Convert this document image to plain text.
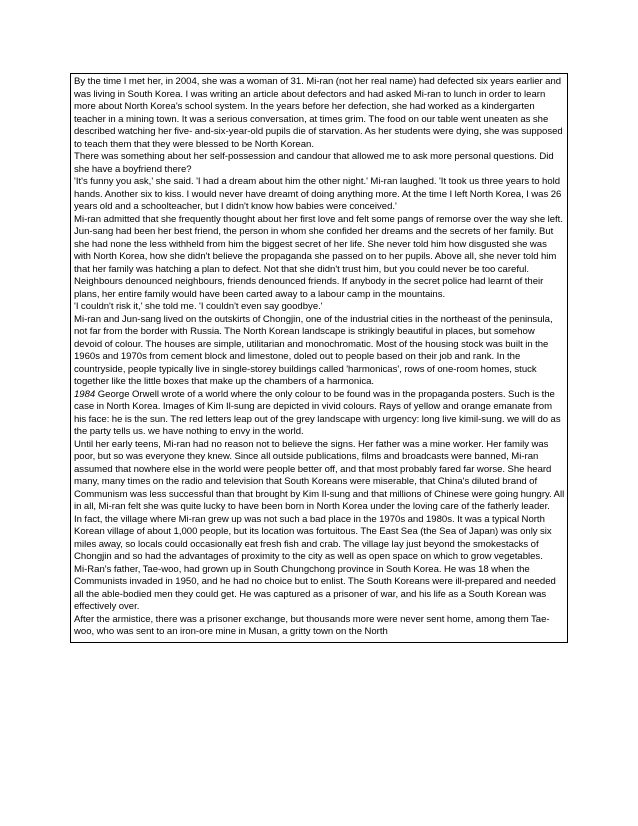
By the time I met her, in 2004, she was a woman of 31. Mi-ran (not her real name) had defected six years earlier and was living in South Korea. I was writing an article about defectors and had asked Mi-ran to lunch in order to learn more about North Korea's school system. In the years before her defection, she had worked as a kindergarten teacher in a mining town. It was a serious conversation, at times grim. The food on our table went uneaten as she described watching her five- and-six-year-old pupils die of starvation. As her students were dying, she was supposed to teach them that they were blessed to be North Korean.

There was something about her self-possession and candour that allowed me to ask more personal questions. Did she have a boyfriend there?

'It's funny you ask,' she said. 'I had a dream about him the other night.' Mi-ran laughed. 'It took us three years to hold hands. Another six to kiss. I would never have dreamt of doing anything more. At the time I left North Korea, I was 26 years old and a schoolteacher, but I didn't know how babies were conceived.'

Mi-ran admitted that she frequently thought about her first love and felt some pangs of remorse over the way she left. Jun-sang had been her best friend, the person in whom she confided her dreams and the secrets of her family. But she had none the less withheld from him the biggest secret of her life. She never told him how disgusted she was with North Korea, how she didn't believe the propaganda she passed on to her pupils. Above all, she never told him that her family was hatching a plan to defect. Not that she didn't trust him, but you could never be too careful.

Neighbours denounced neighbours, friends denounced friends. If anybody in the secret police had learnt of their plans, her entire family would have been carted away to a labour camp in the mountains.

'I couldn't risk it,' she told me. 'I couldn't even say goodbye.'

Mi-ran and Jun-sang lived on the outskirts of Chongjin, one of the industrial cities in the northeast of the peninsula, not far from the border with Russia. The North Korean landscape is strikingly beautiful in places, but somehow devoid of colour. The houses are simple, utilitarian and monochromatic. Most of the housing stock was built in the 1960s and 1970s from cement block and limestone, doled out to people based on their job and rank. In the countryside, people typically live in single-storey buildings called 'harmonicas', rows of one-room homes, stuck together like the little boxes that make up the chambers of a harmonica.

1984 George Orwell wrote of a world where the only colour to be found was in the propaganda posters. Such is the case in North Korea. Images of Kim Il-sung are depicted in vivid colours. Rays of yellow and orange emanate from his face: he is the sun. The red letters leap out of the grey landscape with urgency: long live kimil-sung. we will do as the party tells us. we have nothing to envy in the world.

Until her early teens, Mi-ran had no reason not to believe the signs. Her father was a mine worker. Her family was poor, but so was everyone they knew. Since all outside publications, films and broadcasts were banned, Mi-ran assumed that nowhere else in the world were people better off, and that most probably fared far worse. She heard many, many times on the radio and television that South Koreans were miserable, that China's diluted brand of Communism was less successful than that brought by Kim Il-sung and that millions of Chinese were going hungry. All in all, Mi-ran felt she was quite lucky to have been born in North Korea under the loving care of the fatherly leader.

In fact, the village where Mi-ran grew up was not such a bad place in the 1970s and 1980s. It was a typical North Korean village of about 1,000 people, but its location was fortuitous. The East Sea (the Sea of Japan) was only six miles away, so locals could occasionally eat fresh fish and crab. The village lay just beyond the smokestacks of Chongjin and so had the advantages of proximity to the city as well as open space on which to grow vegetables.

Mi-Ran's father, Tae-woo, had grown up in South Chungchong province in South Korea. He was 18 when the Communists invaded in 1950, and he had no choice but to enlist. The South Koreans were ill-prepared and needed all the able-bodied men they could get. He was captured as a prisoner of war, and his life as a South Korean was effectively over.

After the armistice, there was a prisoner exchange, but thousands more were never sent home, among them Tae-woo, who was sent to an iron-ore mine in Musan, a gritty town on the North
